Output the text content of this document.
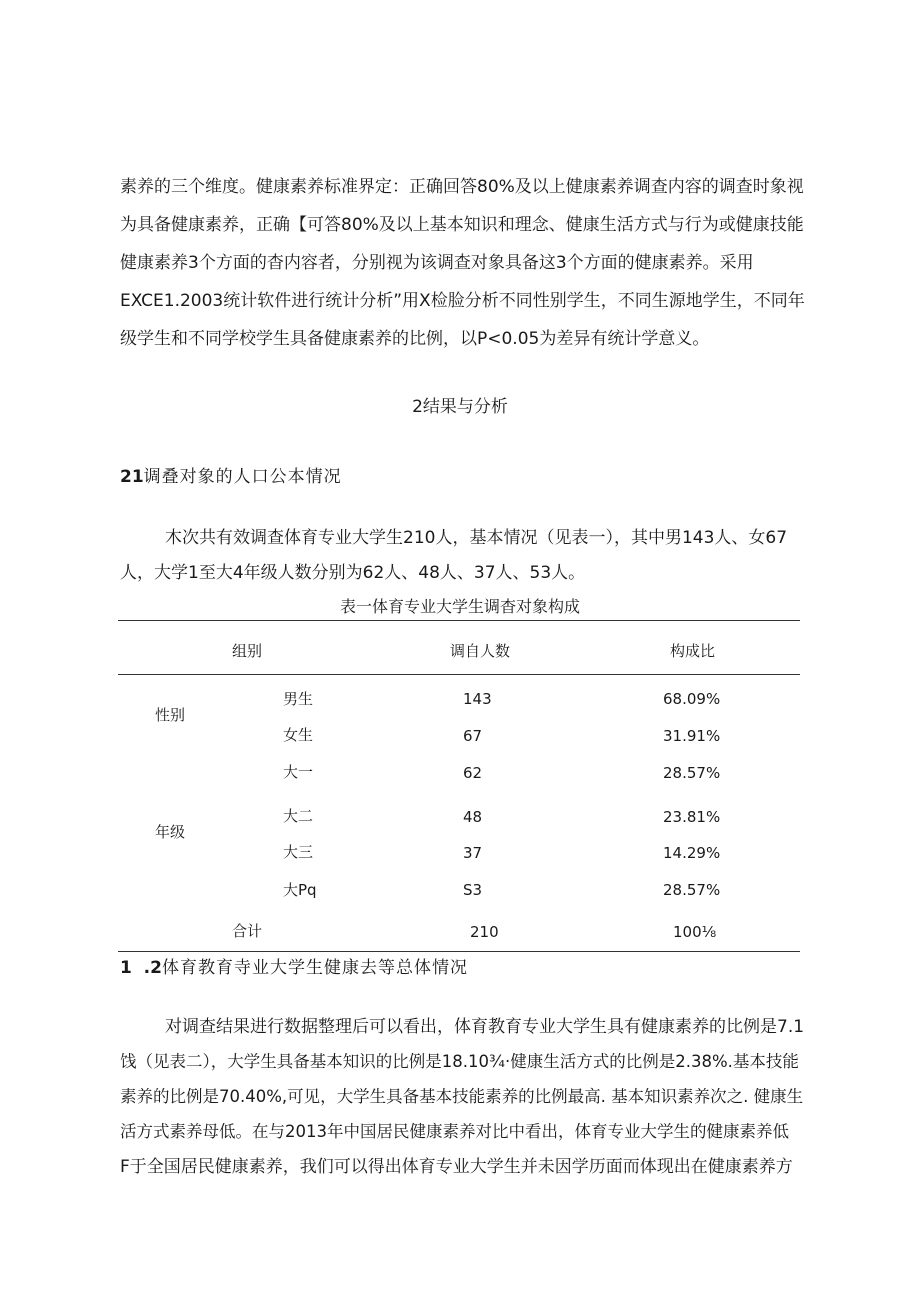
素养的三个维度。健康素养标准界定：正确回答80%及以上健康素养调查内容的调查时象视
为具备健康素养，正确【可答80%及以上基本知识和理念、健康生活方式与行为或健康技能
健康素养3个方面的杳内容者，分别视为该调查对象具备这3个方面的健康素养。采用
EXCE1.2003统计软件进行统计分析”用X检脸分析不同性别学生，不同生源地学生，不同年
级学生和不同学校学生具备健康素养的比例，以P<0.05为差异有统计学意义。
2结果与分析
21调叠对象的人口公本情况
木次共有效调查体育专业大学生210人，基本情况（见表一），其中男143人、女67
人，大学1至大4年级人数分别为62人、48人、37人、53人。
表一体育专业大学生调杳对象构成
组别	调自人数	构成比
性别
男生	143	68.09%
女生	67	31.91%
年级
大一	62	28.57%
大二	48	23.81%
大三	37	14.29%
大Pq	S3	28.57%
合计	210	100⅛
1  .2体育教育寺业大学生健康去等总体情况
对调查结果进行数据整理后可以看出，体育教育专业大学生具有健康素养的比例是7.1
饯（见表二），大学生具备基本知识的比例是18.10¾·健康生活方式的比例是2.38%.基本技能
素养的比例是70.40%,可见，大学生具备基本技能素养的比例最高. 基本知识素养次之. 健康生
活方式素养母低。在与2013年中国居民健康素养对比中看出，体育专业大学生的健康素养低
F于全国居民健康素养，我们可以得出体育专业大学生并未因学历面而体现出在健康素养方
